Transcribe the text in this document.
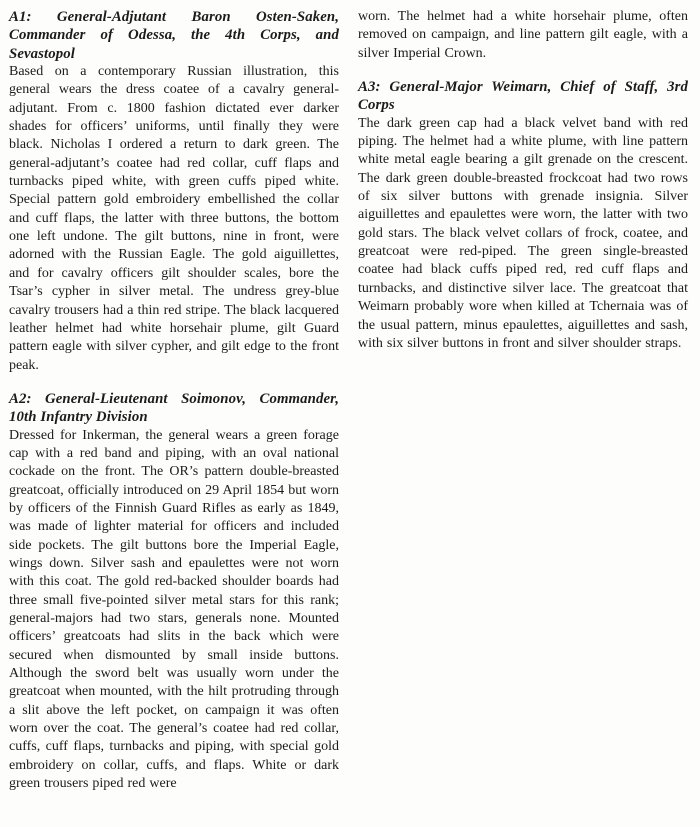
A1: General-Adjutant Baron Osten-Saken, Commander of Odessa, the 4th Corps, and Sevastopol

Based on a contemporary Russian illustration, this general wears the dress coatee of a cavalry general-adjutant. From c. 1800 fashion dictated ever darker shades for officers’ uniforms, until finally they were black. Nicholas I ordered a return to dark green. The general-adjutant’s coatee had red collar, cuff flaps and turnbacks piped white, with green cuffs piped white. Special pattern gold embroidery embellished the collar and cuff flaps, the latter with three buttons, the bottom one left undone. The gilt buttons, nine in front, were adorned with the Russian Eagle. The gold aiguillettes, and for cavalry officers gilt shoulder scales, bore the Tsar’s cypher in silver metal. The undress grey-blue cavalry trousers had a thin red stripe. The black lacquered leather helmet had white horsehair plume, gilt Guard pattern eagle with silver cypher, and gilt edge to the front peak.

A2: General-Lieutenant Soimonov, Commander, 10th Infantry Division

Dressed for Inkerman, the general wears a green forage cap with a red band and piping, with an oval national cockade on the front. The OR’s pattern double-breasted greatcoat, officially introduced on 29 April 1854 but worn by officers of the Finnish Guard Rifles as early as 1849, was made of lighter material for officers and included side pockets. The gilt buttons bore the Imperial Eagle, wings down. Silver sash and epaulettes were not worn with this coat. The gold red-backed shoulder boards had three small five-pointed silver metal stars for this rank; general-majors had two stars, generals none. Mounted officers’ greatcoats had slits in the back which were secured when dismounted by small inside buttons. Although the sword belt was usually worn under the greatcoat when mounted, with the hilt protruding through a slit above the left pocket, on campaign it was often worn over the coat. The general’s coatee had red collar, cuffs, cuff flaps, turnbacks and piping, with special gold embroidery on collar, cuffs, and flaps. White or dark green trousers piped red were

worn. The helmet had a white horsehair plume, often removed on campaign, and line pattern gilt eagle, with a silver Imperial Crown.

A3: General-Major Weimarn, Chief of Staff, 3rd Corps

The dark green cap had a black velvet band with red piping. The helmet had a white plume, with line pattern white metal eagle bearing a gilt grenade on the crescent. The dark green double-breasted frockcoat had two rows of six silver buttons with grenade insignia. Silver aiguillettes and epaulettes were worn, the latter with two gold stars. The black velvet collars of frock, coatee, and greatcoat were red-piped. The green single-breasted coatee had black cuffs piped red, red cuff flaps and turnbacks, and distinctive silver lace. The greatcoat that Weimarn probably wore when killed at Tchernaia was of the usual pattern, minus epaulettes, aiguillettes and sash, with six silver buttons in front and silver shoulder straps.
